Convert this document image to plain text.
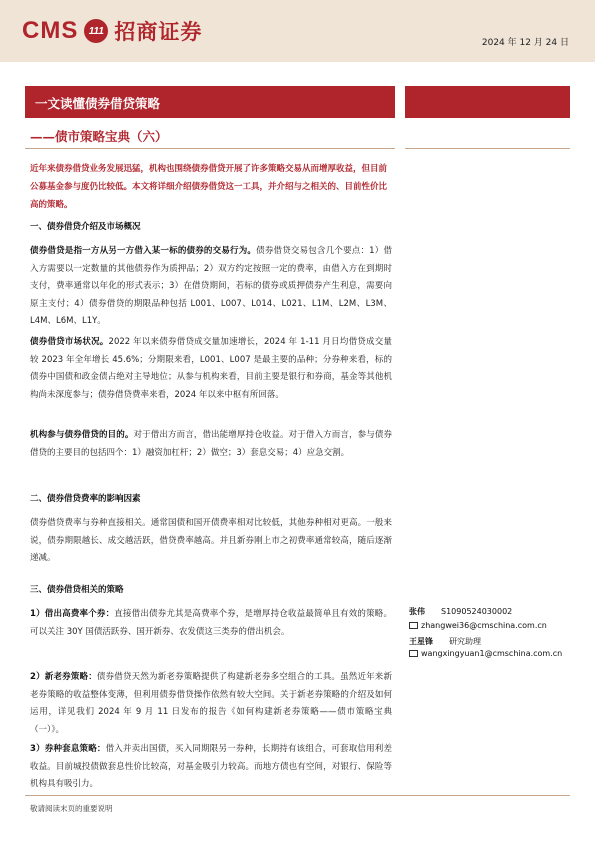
CMS	111 招商证券	2024 年 12 月 24 日
一文读懂债券借贷策略
——债市策略宝典（六）
近年来债券借贷业务发展迅猛，机构也围绕债券借贷开展了许多策略交易从而增厚收益，但目前公募基金参与度仍比较低。本文将详细介绍债券借贷这一工具，并介绍与之相关的、目前性价比高的策略。
一、债券借贷介绍及市场概况
债券借贷是指一方从另一方借入某一标的债券的交易行为。债券借贷交易包含几个要点：1）借入方需要以一定数量的其他债券作为质押品；2）双方约定按照一定的费率，由借入方在到期时支付，费率通常以年化的形式表示；3）在借贷期间，若标的债券或质押债券产生利息，需要向原主支付；4）债券借贷的期限品种包括 L001、L007、L014、L021、L1M、L2M、L3M、L4M、L6M、L1Y。
债券借贷市场状况。2022 年以来债券借贷成交量加速增长，2024 年 1-11 月日均借贷成交量较 2023 年全年增长 45.6%；分期限来看，L001、L007 是最主要的品种；分券种来看，标的债券中国债和政金债占绝对主导地位；从参与机构来看，目前主要是银行和券商，基金等其他机构尚未深度参与；债券借贷费率来看，2024 年以来中枢有所回落。
机构参与债券借贷的目的。对于借出方而言，借出能增厚持仓收益。对于借入方而言，参与债券借贷的主要目的包括四个：1）融资加杠杆；2）做空；3）套息交易；4）应急交割。
二、债券借贷费率的影响因素
债券借贷费率与券种直接相关。通常国债和国开债费率相对比较低，其他券种相对更高。一般来说，债券期限越长、成交越活跃，借贷费率越高。并且新券刚上市之初费率通常较高，随后逐渐递减。
三、债券借贷相关的策略
1）借出高费率个券：直接借出债券尤其是高费率个券，是增厚持仓收益最简单且有效的策略。可以关注 30Y 国债活跃券、国开新券、农发债这三类券的借出机会。
2）新老券策略：债券借贷天然为新老券策略提供了构建新老券多空组合的工具。虽然近年来新老券策略的收益整体变薄，但利用债券借贷操作依然有较大空间。关于新老券策略的介绍及如何运用，详见我们 2024 年 9 月 11 日发布的报告《如何构建新老券策略——债市策略宝典（一）》。
3）券种套息策略：借入并卖出国债，买入同期限另一券种，长期持有该组合，可套取信用利差收益。目前城投债做套息性价比较高，对基金吸引力较高。而地方债也有空间，对银行、保险等机构具有吸引力。
张伟 S1090524030002
zhangwei36@cmschina.com.cn
王星锋 研究助理
wangxingyuan1@cmschina.com.cn
敬请阅读末页的重要说明
